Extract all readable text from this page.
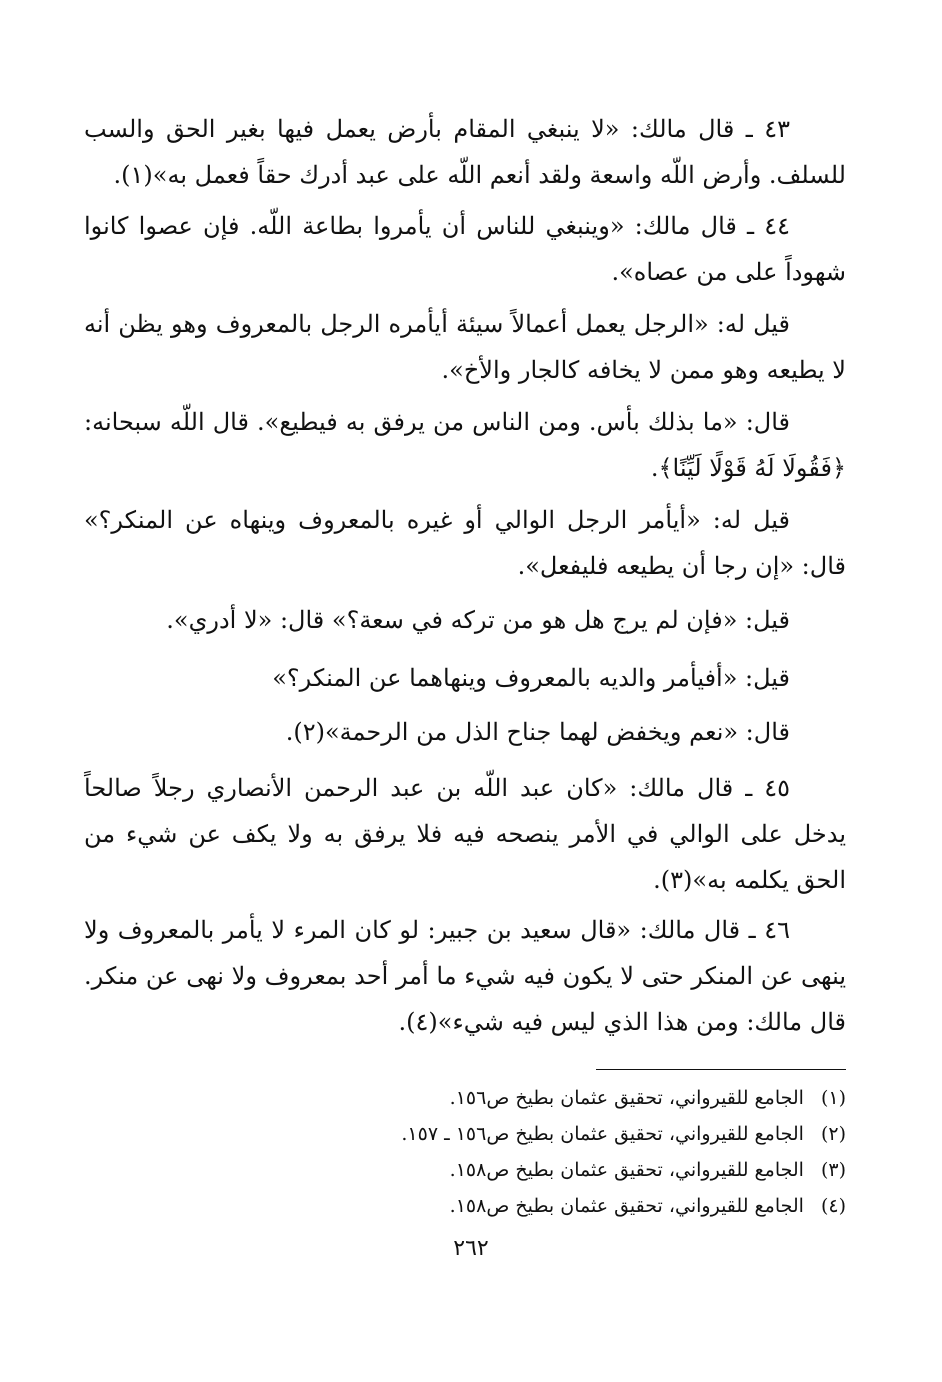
٤٣ ـ قال مالك: «لا ينبغي المقام بأرض يعمل فيها بغير الحق والسب للسلف. وأرض اللّه واسعة ولقد أنعم اللّه على عبد أدرك حقاً فعمل به»(١).

٤٤ ـ قال مالك: «وينبغي للناس أن يأمروا بطاعة اللّه. فإن عصوا كانوا شهوداً على من عصاه».

قيل له: «الرجل يعمل أعمالاً سيئة أيأمره الرجل بالمعروف وهو يظن أنه لا يطيعه وهو ممن لا يخافه كالجار والأخ».

قال: «ما بذلك بأس. ومن الناس من يرفق به فيطيع». قال اللّه سبحانه: ﴿فَقُولَا لَهُ قَوْلًا لَيِّنًا﴾.

قيل له: «أيأمر الرجل الوالي أو غيره بالمعروف وينهاه عن المنكر؟» قال: «إن رجا أن يطيعه فليفعل».

قيل: «فإن لم يرج هل هو من تركه في سعة؟» قال: «لا أدري».

قيل: «أفيأمر والديه بالمعروف وينهاهما عن المنكر؟»

قال: «نعم ويخفض لهما جناح الذل من الرحمة»(٢).

٤٥ ـ قال مالك: «كان عبد اللّه بن عبد الرحمن الأنصاري رجلاً صالحاً يدخل على الوالي في الأمر ينصحه فيه فلا يرفق به ولا يكف عن شيء من الحق يكلمه به»(٣).

٤٦ ـ قال مالك: «قال سعيد بن جبير: لو كان المرء لا يأمر بالمعروف ولا ينهى عن المنكر حتى لا يكون فيه شيء ما أمر أحد بمعروف ولا نهى عن منكر. قال مالك: ومن هذا الذي ليس فيه شيء»(٤).

(١) الجامع للقيرواني، تحقيق عثمان بطيخ ص١٥٦.
(٢) الجامع للقيرواني، تحقيق عثمان بطيخ ص١٥٦ ـ ١٥٧.
(٣) الجامع للقيرواني، تحقيق عثمان بطيخ ص١٥٨.
(٤) الجامع للقيرواني، تحقيق عثمان بطيخ ص١٥٨.
٢٦٢
